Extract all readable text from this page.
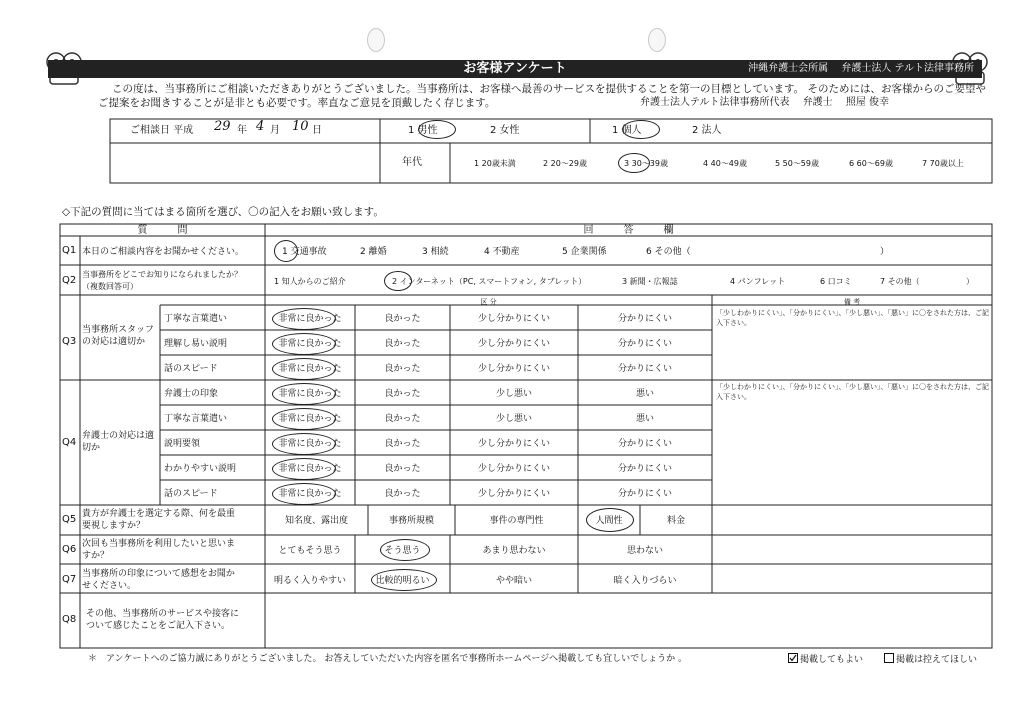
お客様アンケート	沖縄弁護士会所属　 弁護士法人 テルト法律事務所
この度は、当事務所にご相談いただきありがとうございました。当事務所は、お客様へ最善のサービスを提供することを第一の目標としています。 そのためには、お客様からのご要望や
ご提案をお聞きすることが是非とも必要です。率直なご意見を頂戴したく存じます。	弁護士法人テルト法律事務所代表　 弁護士　 照屋 俊幸
ご相談日 平成 29 年 4 月 10 日	1 男性	2 女性	1 個人	2 法人
年代	1 20歳未満	2 20～29歳	3 30～39歳	4 40～49歳	5 50～59歳	6 60～69歳	7 70歳以上
◇下記の質問に当てはまる箇所を選び、〇の記入をお願い致します。
質　　　問	回　　　答　　　欄
Q1 本日のご相談内容をお聞かせください。	1 交通事故	2 離婚	3 相続	4 不動産	5 企業関係	6 その他（	）
Q2
当事務所をどこでお知りになられましたか？
（複数回答可）
1 知人からのご紹介	2 インターネット（PC, スマートフォン, タブレット）	3 新聞・広報誌	4 パンフレット	6 口コミ	7 その他（	）
区 分	備 考
Q3
当事務所スタッフの対応は適切か
「少しわかりにくい」、「分かりにくい」、「少し悪い」、「悪い」に〇をされた方は、ご記入下さい。
丁寧な言葉遣い	非常に良かった	良かった	少し分かりにくい	分かりにくい
理解し易い説明	非常に良かった	良かった	少し分かりにくい	分かりにくい
話のスピード	非常に良かった	良かった	少し分かりにくい	分かりにくい
Q4
弁護士の対応は適切か
「少しわかりにくい」、「分かりにくい」、「少し悪い」、「悪い」に〇をされた方は、ご記入下さい。
弁護士の印象	非常に良かった	良かった	少し悪い	悪い
丁寧な言葉遣い	非常に良かった	良かった	少し悪い	悪い
説明要領	非常に良かった	良かった	少し分かりにくい	分かりにくい
わかりやすい説明	非常に良かった	良かった	少し分かりにくい	分かりにくい
話のスピード	非常に良かった	良かった	少し分かりにくい	分かりにくい
Q5 貴方が弁護士を選定する際、何を最重
要視しますか？	知名度、露出度	事務所規模	事件の専門性	人間性	料金
Q6 次回も当事務所を利用したいと思いま
すか？	とてもそう思う	そう思う	あまり思わない	思わない
Q7 当事務所の印象について感想をお聞か
せください。	明るく入りやすい	比較的明るい	やや暗い	暗く入りづらい
Q8 その他、当事務所のサービスや接客に
ついて感じたことをご記入下さい。
＊　アンケートへのご協力誠にありがとうございました。 お答えしていただいた内容を匿名で事務所ホームページへ掲載しても宜しいでしょうか 。	掲載してもよい	掲載は控えてほしい
